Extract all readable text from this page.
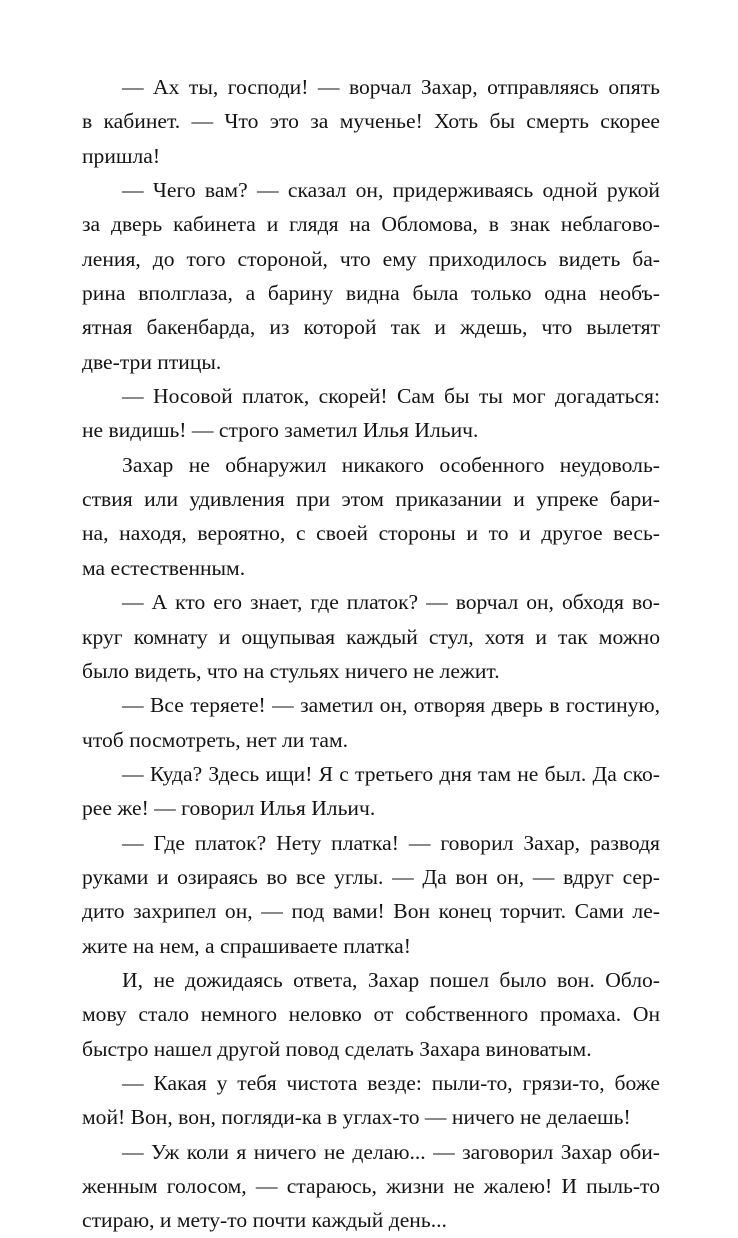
— Ах ты, господи! — ворчал Захар, отправляясь опять
в кабинет. — Что это за мученье! Хоть бы смерть скорее
пришла!
— Чего вам? — сказал он, придерживаясь одной рукой
за дверь кабинета и глядя на Обломова, в знак неблагово-
ления, до того стороной, что ему приходилось видеть ба-
рина вполглаза, а барину видна была только одна необъ-
ятная бакенбарда, из которой так и ждешь, что вылетят
две-три птицы.
— Носовой платок, скорей! Сам бы ты мог догадаться:
не видишь! — строго заметил Илья Ильич.
Захар не обнаружил никакого особенного неудоволь-
ствия или удивления при этом приказании и упреке бари-
на, находя, вероятно, с своей стороны и то и другое весь-
ма естественным.
— А кто его знает, где платок? — ворчал он, обходя во-
круг комнату и ощупывая каждый стул, хотя и так можно
было видеть, что на стульях ничего не лежит.
— Все теряете! — заметил он, отворяя дверь в гостиную,
чтоб посмотреть, нет ли там.
— Куда? Здесь ищи! Я с третьего дня там не был. Да ско-
рее же! — говорил Илья Ильич.
— Где платок? Нету платка! — говорил Захар, разводя
руками и озираясь во все углы. — Да вон он, — вдруг сер-
дито захрипел он, — под вами! Вон конец торчит. Сами ле-
жите на нем, а спрашиваете платка!
И, не дожидаясь ответа, Захар пошел было вон. Обло-
мову стало немного неловко от собственного промаха. Он
быстро нашел другой повод сделать Захара виноватым.
— Какая у тебя чистота везде: пыли-то, грязи-то, боже
мой! Вон, вон, погляди-ка в углах-то — ничего не делаешь!
— Уж коли я ничего не делаю... — заговорил Захар оби-
женным голосом, — стараюсь, жизни не жалею! И пыль-то
стираю, и мету-то почти каждый день...
